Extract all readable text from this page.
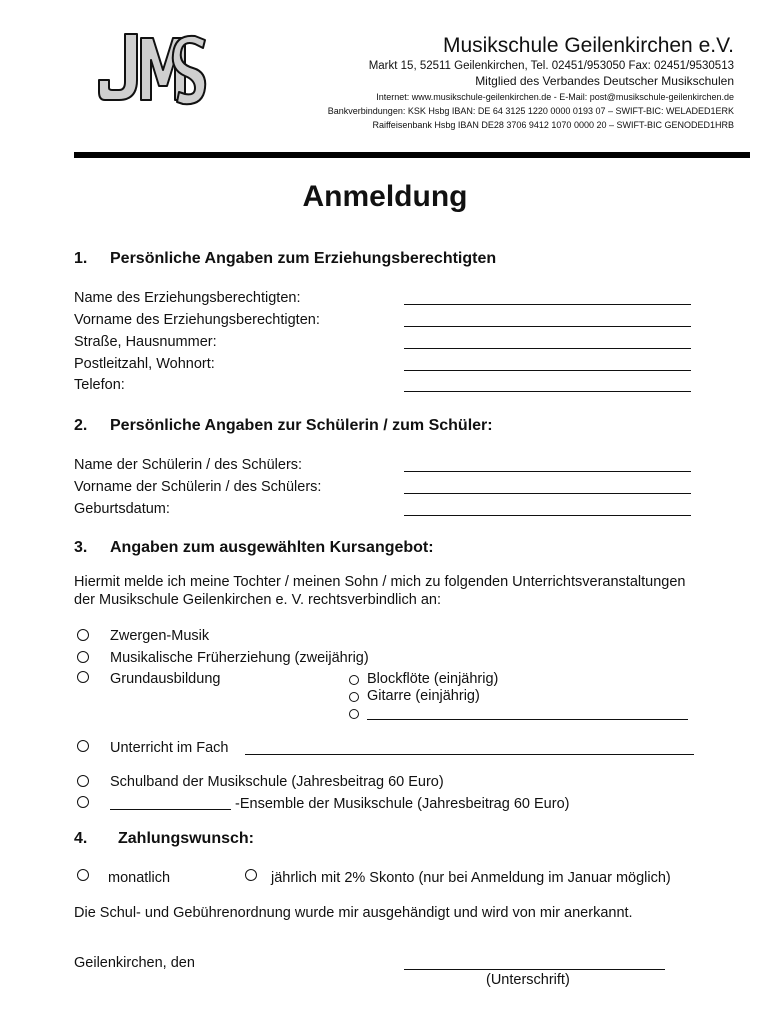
Musikschule Geilenkirchen e.V.
Markt 15, 52511 Geilenkirchen, Tel. 02451/953050 Fax: 02451/9530513
Mitglied des Verbandes Deutscher Musikschulen
Internet: www.musikschule-geilenkirchen.de - E-Mail: post@musikschule-geilenkirchen.de
Bankverbindungen: KSK Hsbg IBAN: DE 64 3125 1220 0000 0193 07 – SWIFT-BIC: WELADED1ERK
Raiffeisenbank Hsbg IBAN DE28 3706 9412 1070 0000 20 – SWIFT-BIC GENODED1HRB
Anmeldung
1. Persönliche Angaben zum Erziehungsberechtigten
Name des Erziehungsberechtigten:
Vorname des Erziehungsberechtigten:
Straße, Hausnummer:
Postleitzahl, Wohnort:
Telefon:
2. Persönliche Angaben zur Schülerin / zum Schüler:
Name der Schülerin / des Schülers:
Vorname der Schülerin / des Schülers:
Geburtsdatum:
3. Angaben zum ausgewählten Kursangebot:
Hiermit melde ich meine Tochter / meinen Sohn / mich zu folgenden Unterrichtsveranstaltungen
der Musikschule Geilenkirchen e. V. rechtsverbindlich an:
Zwergen-Musik
Musikalische Früherziehung (zweijährig)
Grundausbildung	Blockflöte (einjährig)
Gitarre (einjährig)
Unterricht im Fach
Schulband der Musikschule (Jahresbeitrag 60 Euro)
-Ensemble der Musikschule (Jahresbeitrag 60 Euro)
4. Zahlungswunsch:
monatlich	jährlich mit 2% Skonto (nur bei Anmeldung im Januar möglich)
Die Schul- und Gebührenordnung wurde mir ausgehändigt und wird von mir anerkannt.
Geilenkirchen, den
(Unterschrift)
